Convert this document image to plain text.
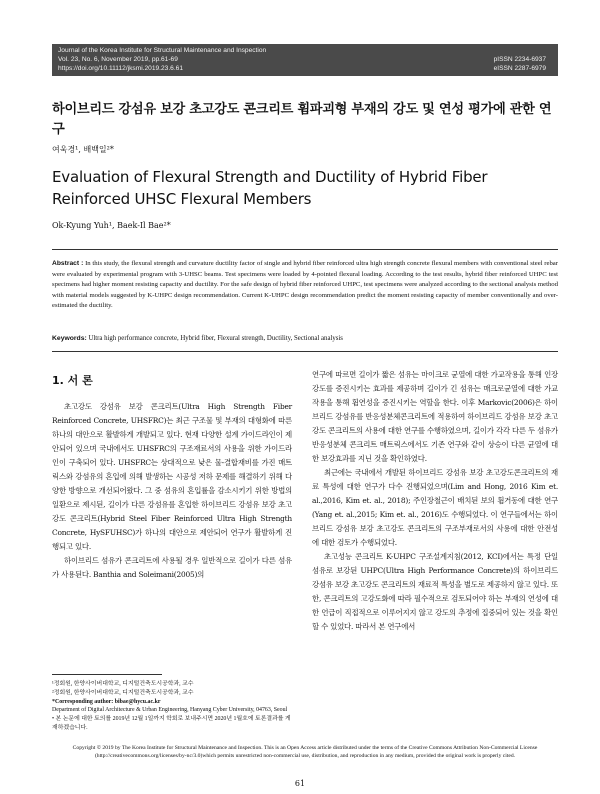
Journal of the Korea Institute for Structural Maintenance and Inspection
Vol. 23, No. 6, November 2019, pp.61-69
https://doi.org/10.11112/jksmi.2019.23.6.61
pISSN 2234-6937
eISSN 2287-6979
하이브리드 강섬유 보강 초고강도 콘크리트 휨파괴형 부재의 강도 및 연성 평가에 관한 연구
여욱경¹, 배백일²*
Evaluation of Flexural Strength and Ductility of Hybrid Fiber Reinforced UHSC Flexural Members
Ok-Kyung Yuh¹, Baek-Il Bae²*
Abstract : In this study, the flexural strength and curvature ductility factor of single and hybrid fiber reinforced ultra high strength concrete flexural members with conventional steel rebar were evaluated by experimental program with 3-UHSC beams. Test specimens were loaded by 4-pointed flexural loading. According to the test results, hybrid fiber reinforced UHPC test specimens had higher moment resisting capacity and ductility. For the safe design of hybrid fiber reinforced UHPC, test specimens were analyzed according to the sectional analysis method with material models suggested by K-UHPC design recommendation. Current K-UHPC design recommendation predict the moment resisting capacity of member conventionally and over-estimated the ductility.
Keywords: Ultra high performance concrete, Hybrid fiber, Flexural strength, Ductility, Sectional analysis
1. 서 론

초고강도 강섬유 보강 콘크리트(Ultra High Strength Fiber Reinforced Concrete, UHSFRC)는 최근 구조물 및 부재의 대형화에 따른 하나의 대안으로 활발하게 개발되고 있다. 현재 다양한 설계 가이드라인이 제안되어 있으며 국내에서도 UHSFRC의 구조재료서의 사용을 위한 가이드라인이 구축되어 있다. UHSFRC는 상대적으로 낮은 물-결합재비를 가진 매트릭스와 강섬유의 혼입에 의해 발생하는 시공성 저하 문제를 해결하기 위해 다양한 방향으로 개선되어왔다. 그 중 섬유의 혼입률을 감소시키기 위한 방법의 일환으로 제시된, 길이가 다른 강섬유를 혼입한 하이브리드 강섬유 보강 초고강도 콘크리트(Hybrid Steel Fiber Reinforced Ultra High Strength Concrete, HySFUHSC)가 하나의 대안으로 제안되어 연구가 활발하게 진행되고 있다.

하이브리드 섬유가 콘크리트에 사용될 경우 일반적으로 길이가 다른 섬유가 사용된다. Banthia and Soleimani(2005)의

연구에 따르면 길이가 짧은 섬유는 마이크로 균열에 대한 가교작용을 통해 인장강도를 증진시키는 효과를 제공하며 길이가 긴 섬유는 매크로균열에 대한 가교작용을 통해 휨연성을 증진시키는 역할을 한다. 이후 Markovic(2006)은 하이브리드 강섬유를 반응성분체콘크리트에 적용하여 하이브리드 강섬유 보강 초고강도 콘크리트의 사용에 대한 연구를 수행하였으며, 길이가 각각 다른 두 섬유가 반응성분체 콘크리트 매트릭스에서도 기존 연구와 같이 상승이 다른 균열에 대한 보강효과를 지닌 것을 확인하였다.

최근에는 국내에서 개발된 하이브리드 강섬유 보강 초고강도콘크리트의 재료 특성에 대한 연구가 다수 진행되었으며(Lim and Hong, 2016 Kim et. al.,2016, Kim et. al., 2018); 주인장철근이 배치된 보의 휨거동에 대한 연구(Yang et. al.,2015; Kim et. al., 2016)도 수행되었다. 이 연구들에서는 하이브리드 강섬유 보강 초고강도 콘크리트의 구조부재로서의 사용에 대한 안전성 에 대한 검토가 수행되었다.

초고성능 콘크리트 K-UHPC 구조설계지침(2012, KCI)에서는 특정 단일 섬유로 보강된 UHPC(Ultra High Performance Concrete)의 하이브리드 강섬유 보강 초고강도 콘크리트의 재료적 특성을 별도로 제공하지 않고 있다. 또한, 콘크리트의 고강도화에 따라 필수적으로 검토되어야 하는 부재의 연성에 대한 언급이 직접적으로 이루어지지 않고 강도의 추정에 집중되어 있는 것을 확인할 수 있었다. 따라서 본 연구에서

¹정회원, 한양사이버대학교, 디지털건축도시공학과, 교수
²정회원, 한양사이버대학교, 디지털건축도시공학과, 교수
*Corresponding author: bibae@hycu.ac.kr
Department of Digital Architecture & Urban Engineering, Hanyang Cyber University, 04763, Seoul
• 본 논문에 대한 토의를 2019년 12월 1일까지 학회로 보내주시면 2020년 1월호에 토론결과를 게재하겠습니다.
Copyright © 2019 by The Korea Institute for Structural Maintenance and Inspection. This is an Open Access article distributed under the terms of the Creative Commons Attribution Non-Commercial License (http://creativecommons.org/licenses/by-nc/3.0)which permits unrestricted non-commercial use, distribution, and reproduction in any medium, provided the original work is properly cited.
61
